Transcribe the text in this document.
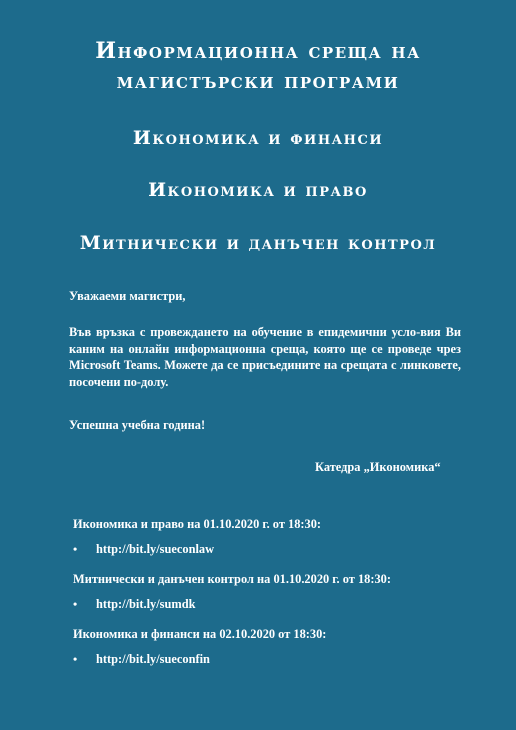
Информационна среща на
магистърски програми
Икономика и финанси
Икономика и право
Митнически и данъчен контрол

Уважаеми магистри,

Във връзка с провеждането на обучение в епидемични усло-вия Ви каним на онлайн информационна среща, която ще се проведе чрез Microsoft Teams. Можете да се присъедините на срещата с линковете, посочени по-долу.

Успешна учебна година!

Катедра „Икономика“

Икономика и право на 01.10.2020 г. от 18:30:
•	http://bit.ly/sueconlaw
Митнически и данъчен контрол на 01.10.2020 г. от 18:30:
•	http://bit.ly/sumdk
Икономика и финанси на 02.10.2020 от 18:30:
•	http://bit.ly/sueconfin
